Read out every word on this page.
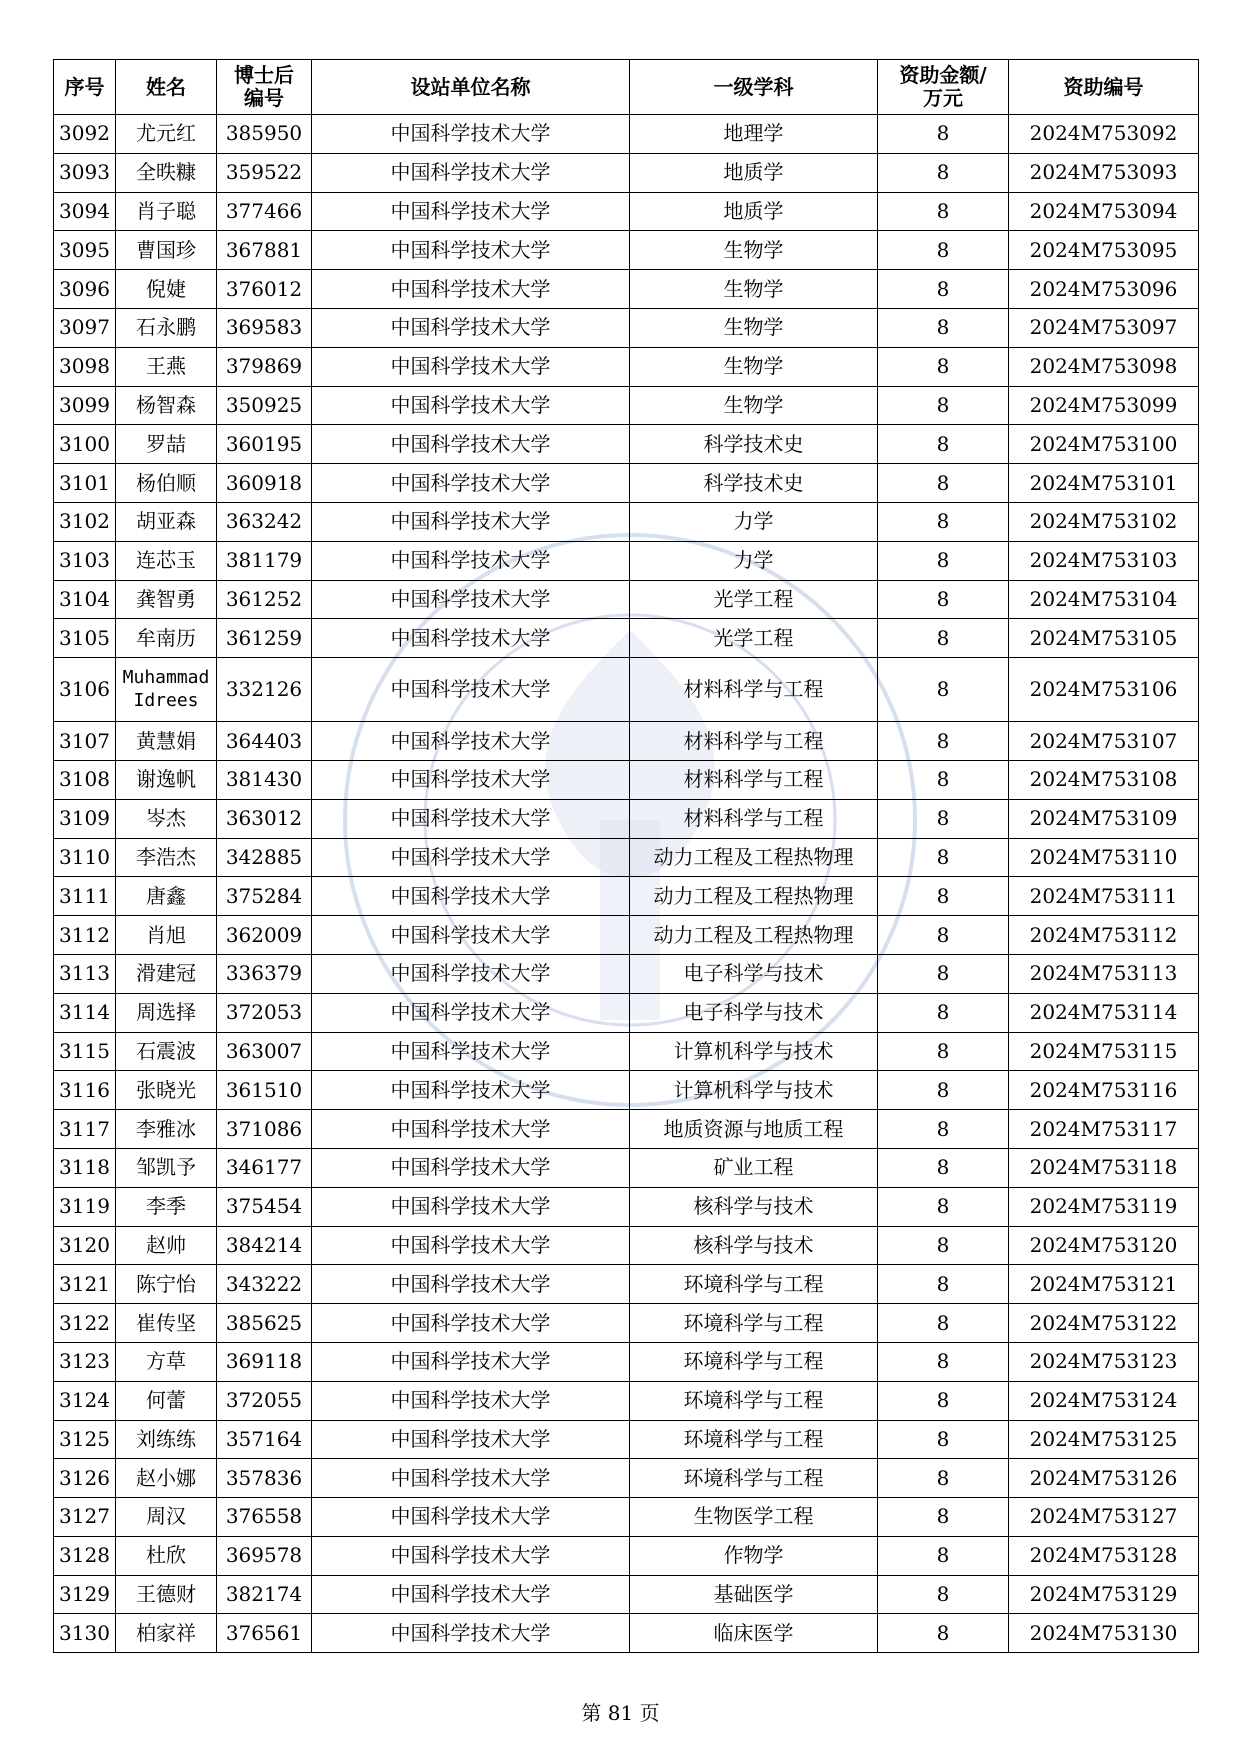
序号	姓名	博士后编号	设站单位名称	一级学科	资助金额/万元	资助编号
3092	尤元红	385950	中国科学技术大学	地理学	8	2024M753092
3093	全昳糠	359522	中国科学技术大学	地质学	8	2024M753093
3094	肖子聪	377466	中国科学技术大学	地质学	8	2024M753094
3095	曹国珍	367881	中国科学技术大学	生物学	8	2024M753095
3096	倪婕	376012	中国科学技术大学	生物学	8	2024M753096
3097	石永鹏	369583	中国科学技术大学	生物学	8	2024M753097
3098	王燕	379869	中国科学技术大学	生物学	8	2024M753098
3099	杨智森	350925	中国科学技术大学	生物学	8	2024M753099
3100	罗喆	360195	中国科学技术大学	科学技术史	8	2024M753100
3101	杨伯顺	360918	中国科学技术大学	科学技术史	8	2024M753101
3102	胡亚森	363242	中国科学技术大学	力学	8	2024M753102
3103	连芯玉	381179	中国科学技术大学	力学	8	2024M753103
3104	龚智勇	361252	中国科学技术大学	光学工程	8	2024M753104
3105	牟南历	361259	中国科学技术大学	光学工程	8	2024M753105
3106	Muhammad Idrees	332126	中国科学技术大学	材料科学与工程	8	2024M753106
3107	黄慧娟	364403	中国科学技术大学	材料科学与工程	8	2024M753107
3108	谢逸帆	381430	中国科学技术大学	材料科学与工程	8	2024M753108
3109	岑杰	363012	中国科学技术大学	材料科学与工程	8	2024M753109
3110	李浩杰	342885	中国科学技术大学	动力工程及工程热物理	8	2024M753110
3111	唐鑫	375284	中国科学技术大学	动力工程及工程热物理	8	2024M753111
3112	肖旭	362009	中国科学技术大学	动力工程及工程热物理	8	2024M753112
3113	滑建冠	336379	中国科学技术大学	电子科学与技术	8	2024M753113
3114	周选择	372053	中国科学技术大学	电子科学与技术	8	2024M753114
3115	石震波	363007	中国科学技术大学	计算机科学与技术	8	2024M753115
3116	张晓光	361510	中国科学技术大学	计算机科学与技术	8	2024M753116
3117	李雅冰	371086	中国科学技术大学	地质资源与地质工程	8	2024M753117
3118	邹凯予	346177	中国科学技术大学	矿业工程	8	2024M753118
3119	李季	375454	中国科学技术大学	核科学与技术	8	2024M753119
3120	赵帅	384214	中国科学技术大学	核科学与技术	8	2024M753120
3121	陈宁怡	343222	中国科学技术大学	环境科学与工程	8	2024M753121
3122	崔传坚	385625	中国科学技术大学	环境科学与工程	8	2024M753122
3123	方草	369118	中国科学技术大学	环境科学与工程	8	2024M753123
3124	何蕾	372055	中国科学技术大学	环境科学与工程	8	2024M753124
3125	刘练练	357164	中国科学技术大学	环境科学与工程	8	2024M753125
3126	赵小娜	357836	中国科学技术大学	环境科学与工程	8	2024M753126
3127	周汉	376558	中国科学技术大学	生物医学工程	8	2024M753127
3128	杜欣	369578	中国科学技术大学	作物学	8	2024M753128
3129	王德财	382174	中国科学技术大学	基础医学	8	2024M753129
3130	柏家祥	376561	中国科学技术大学	临床医学	8	2024M753130
第 81 页
